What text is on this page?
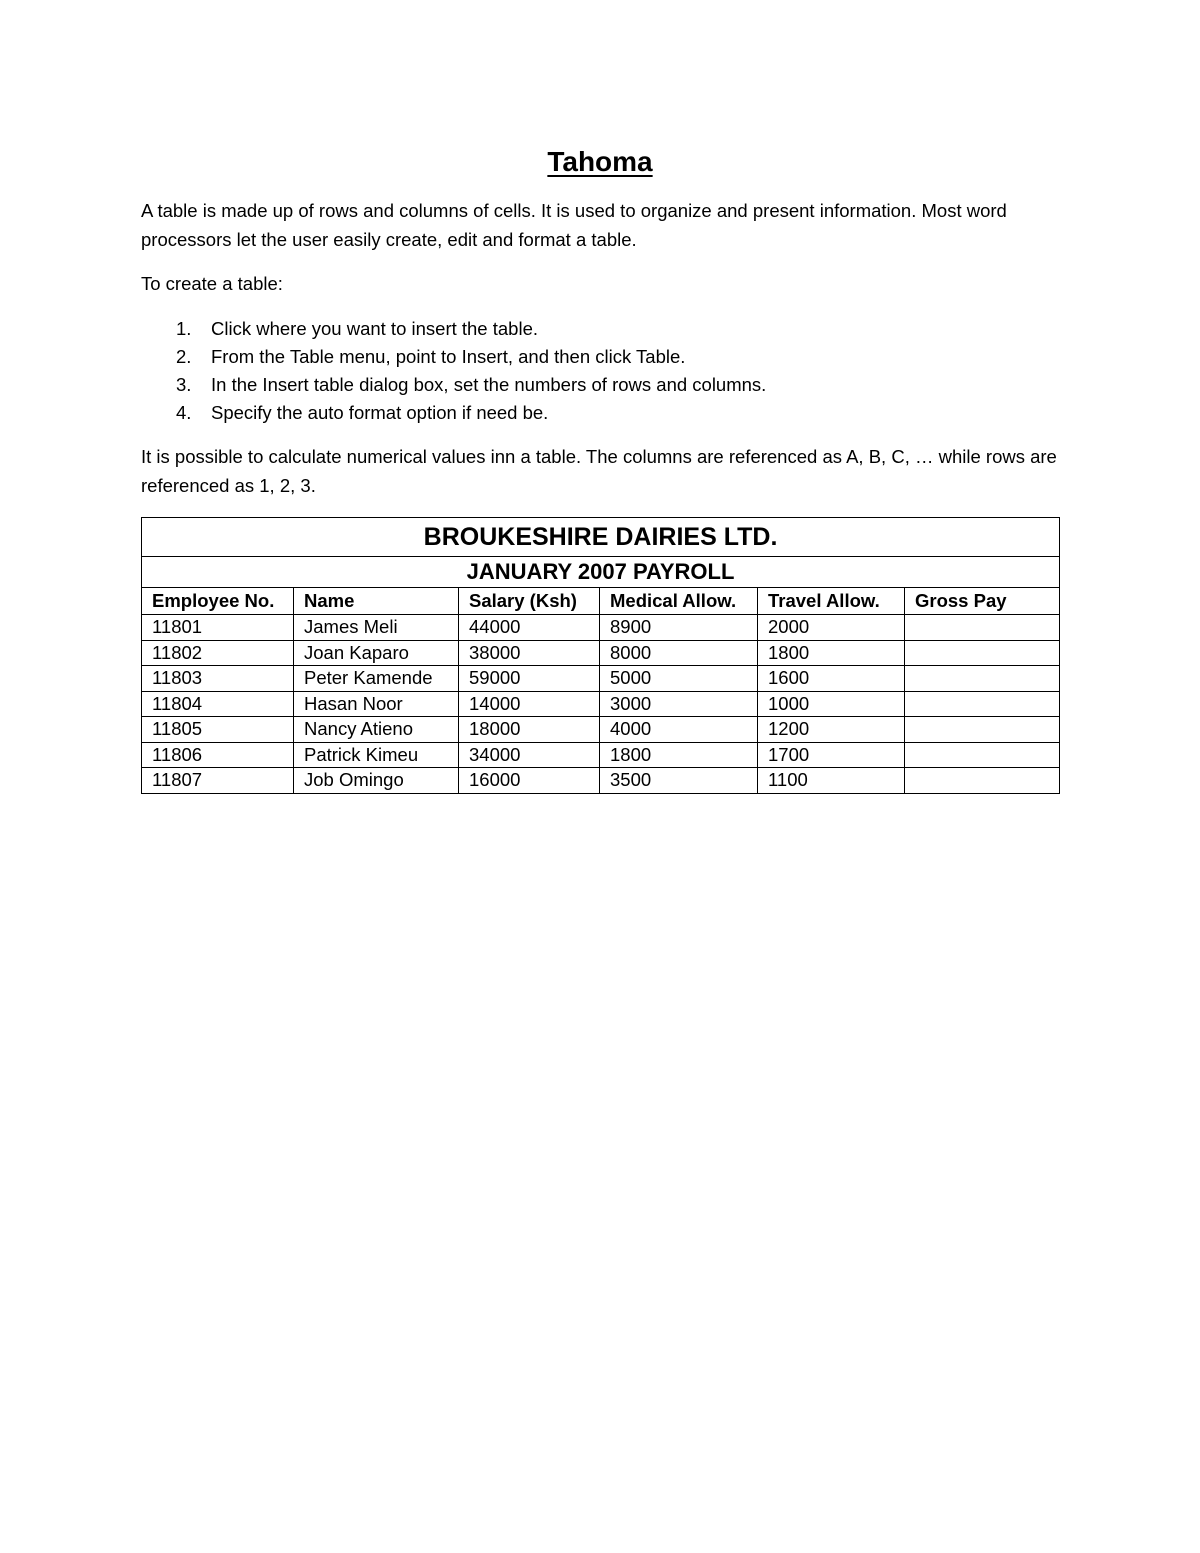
Tahoma

A table is made up of rows and columns of cells. It is used to organize and present information. Most word processors let the user easily create, edit and format a table.

To create a table:

1.	Click where you want to insert the table.
2.	From the Table menu, point to Insert, and then click Table.
3.	In the Insert table dialog box, set the numbers of rows and columns.
4.	Specify the auto format option if need be.

It is possible to calculate numerical values inn a table. The columns are referenced as A, B, C, … while rows are referenced as 1, 2, 3.

BROUKESHIRE DAIRIES LTD.					
JANUARY 2007 PAYROLL					
Employee No.	Name	Salary (Ksh)	Medical Allow.	Travel Allow.	Gross Pay
11801	James Meli	44000	8900	2000	
11802	Joan Kaparo	38000	8000	1800	
11803	Peter Kamende	59000	5000	1600	
11804	Hasan Noor	14000	3000	1000	
11805	Nancy Atieno	18000	4000	1200	
11806	Patrick Kimeu	34000	1800	1700	
11807	Job Omingo	16000	3500	1100	
